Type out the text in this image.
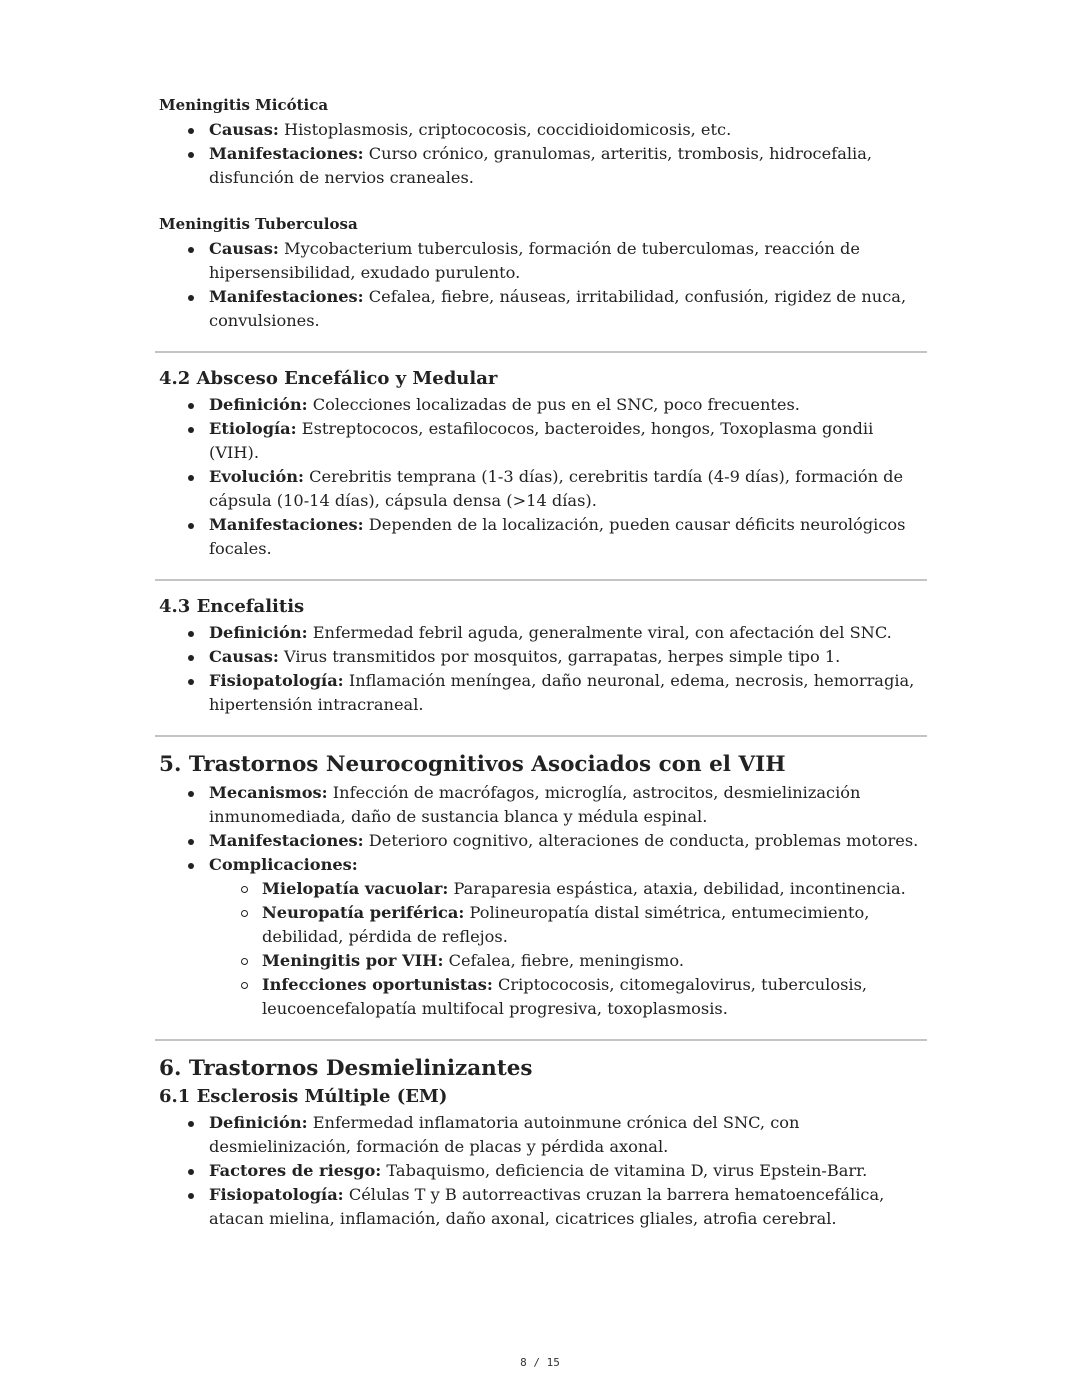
Meningitis Micótica
Causas: Histoplasmosis, criptococosis, coccidioidomicosis, etc.
Manifestaciones: Curso crónico, granulomas, arteritis, trombosis, hidrocefalia, disfunción de nervios craneales.
Meningitis Tuberculosa
Causas: Mycobacterium tuberculosis, formación de tuberculomas, reacción de hipersensibilidad, exudado purulento.
Manifestaciones: Cefalea, fiebre, náuseas, irritabilidad, confusión, rigidez de nuca, convulsiones.
4.2 Absceso Encefálico y Medular
Definición: Colecciones localizadas de pus en el SNC, poco frecuentes.
Etiología: Estreptococos, estafilococos, bacteroides, hongos, Toxoplasma gondii (VIH).
Evolución: Cerebritis temprana (1-3 días), cerebritis tardía (4-9 días), formación de cápsula (10-14 días), cápsula densa (>14 días).
Manifestaciones: Dependen de la localización, pueden causar déficits neurológicos focales.
4.3 Encefalitis
Definición: Enfermedad febril aguda, generalmente viral, con afectación del SNC.
Causas: Virus transmitidos por mosquitos, garrapatas, herpes simple tipo 1.
Fisiopatología: Inflamación meníngea, daño neuronal, edema, necrosis, hemorragia, hipertensión intracraneal.
5. Trastornos Neurocognitivos Asociados con el VIH
Mecanismos: Infección de macrófagos, microglía, astrocitos, desmielinización inmunomediada, daño de sustancia blanca y médula espinal.
Manifestaciones: Deterioro cognitivo, alteraciones de conducta, problemas motores.
Complicaciones:
Mielopatía vacuolar: Paraparesia espástica, ataxia, debilidad, incontinencia.
Neuropatía periférica: Polineuropatía distal simétrica, entumecimiento, debilidad, pérdida de reflejos.
Meningitis por VIH: Cefalea, fiebre, meningismo.
Infecciones oportunistas: Criptococosis, citomegalovirus, tuberculosis, leucoencefalopatía multifocal progresiva, toxoplasmosis.
6. Trastornos Desmielinizantes
6.1 Esclerosis Múltiple (EM)
Definición: Enfermedad inflamatoria autoinmune crónica del SNC, con desmielinización, formación de placas y pérdida axonal.
Factores de riesgo: Tabaquismo, deficiencia de vitamina D, virus Epstein-Barr.
Fisiopatología: Células T y B autorreactivas cruzan la barrera hematoencefálica, atacan mielina, inflamación, daño axonal, cicatrices gliales, atrofia cerebral.
8 / 15
